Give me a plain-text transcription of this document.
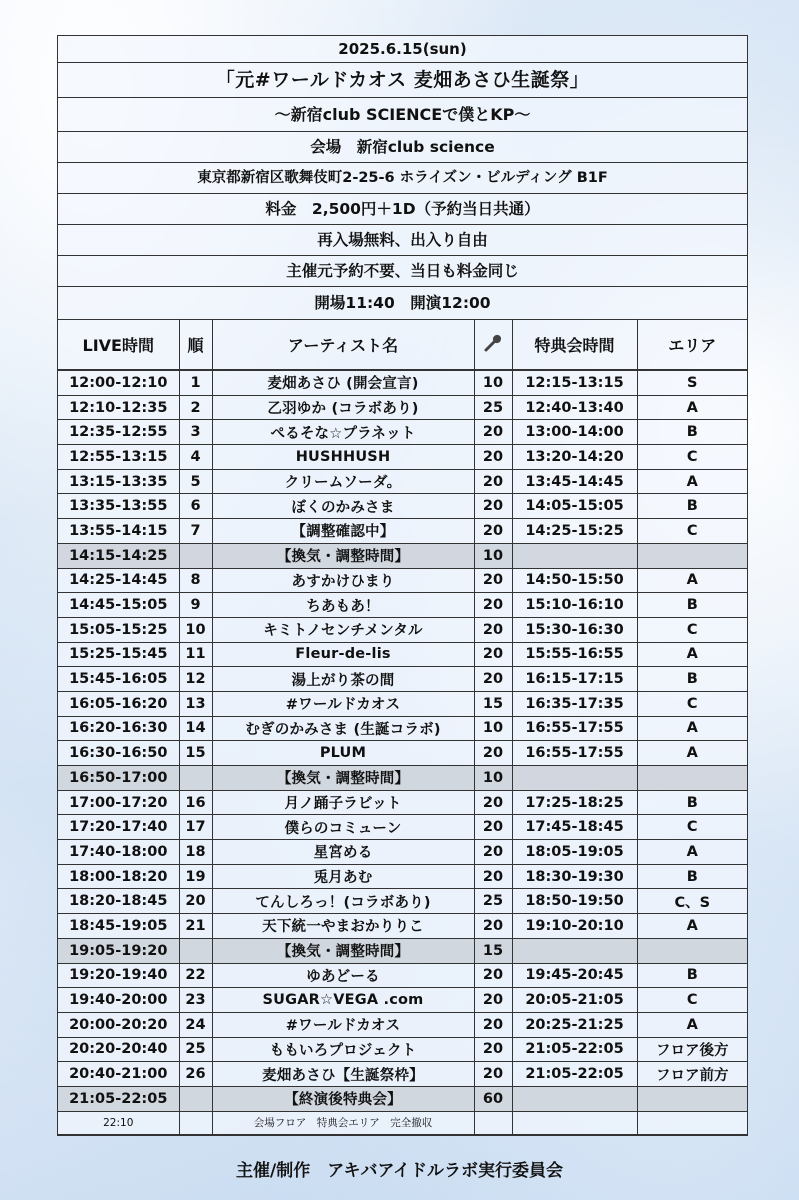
2025.6.15(sun)
「元#ワールドカオス 麦畑あさひ生誕祭」
〜新宿club SCIENCEで僕とKP〜
会場　新宿club science
東京都新宿区歌舞伎町2-25-6 ホライズン・ビルディング B1F
料金　2,500円＋1D（予約当日共通）
再入場無料、出入り自由
主催元予約不要、当日も料金同じ
開場11:40　開演12:00
LIVE時間	順	アーティスト名		特典会時間	エリア
12:00-12:10	1	麦畑あさひ (開会宣言)	10	12:15-13:15	S
12:10-12:35	2	乙羽ゆか (コラボあり)	25	12:40-13:40	A
12:35-12:55	3	ぺるそな☆プラネット	20	13:00-14:00	B
12:55-13:15	4	HUSHHUSH	20	13:20-14:20	C
13:15-13:35	5	クリームソーダ。	20	13:45-14:45	A
13:35-13:55	6	ぼくのかみさま	20	14:05-15:05	B
13:55-14:15	7	【調整確認中】	20	14:25-15:25	C
14:15-14:25		【換気・調整時間】	10		
14:25-14:45	8	あすかけひまり	20	14:50-15:50	A
14:45-15:05	9	ちあもあ！	20	15:10-16:10	B
15:05-15:25	10	キミトノセンチメンタル	20	15:30-16:30	C
15:25-15:45	11	Fleur-de-lis	20	15:55-16:55	A
15:45-16:05	12	湯上がり茶の間	20	16:15-17:15	B
16:05-16:20	13	#ワールドカオス	15	16:35-17:35	C
16:20-16:30	14	むぎのかみさま (生誕コラボ)	10	16:55-17:55	A
16:30-16:50	15	PLUM	20	16:55-17:55	A
16:50-17:00		【換気・調整時間】	10		
17:00-17:20	16	月ノ踊子ラビット	20	17:25-18:25	B
17:20-17:40	17	僕らのコミューン	20	17:45-18:45	C
17:40-18:00	18	星宮める	20	18:05-19:05	A
18:00-18:20	19	兎月あむ	20	18:30-19:30	B
18:20-18:45	20	てんしろっ！(コラボあり)	25	18:50-19:50	C、S
18:45-19:05	21	天下統一やまおかりりこ	20	19:10-20:10	A
19:05-19:20		【換気・調整時間】	15		
19:20-19:40	22	ゆあどーる	20	19:45-20:45	B
19:40-20:00	23	SUGAR☆VEGA .com	20	20:05-21:05	C
20:00-20:20	24	#ワールドカオス	20	20:25-21:25	A
20:20-20:40	25	ももいろプロジェクト	20	21:05-22:05	フロア後方
20:40-21:00	26	麦畑あさひ【生誕祭枠】	20	21:05-22:05	フロア前方
21:05-22:05		【終演後特典会】	60		
22:10		会場フロア　特典会エリア　完全撤収			
主催/制作　アキバアイドルラボ実行委員会
